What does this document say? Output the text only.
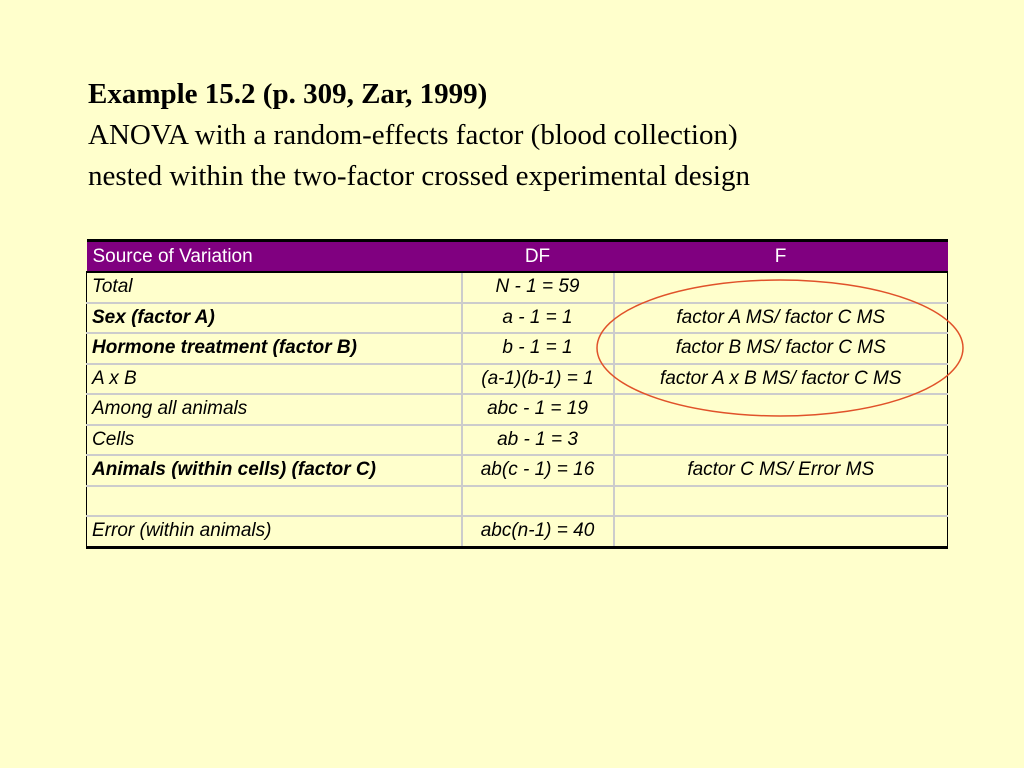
Example 15.2 (p. 309, Zar, 1999)
ANOVA with a random-effects factor (blood collection)
nested within the two-factor crossed experimental design
Source of Variation	DF	F
Total	N - 1 = 59	
Sex (factor A)	a - 1 = 1	factor A MS/ factor C MS
Hormone treatment (factor B)	b - 1 = 1	factor B MS/ factor C MS
A x B	(a-1)(b-1) = 1	factor A x B MS/ factor C MS
Among all animals	abc - 1 = 19	
Cells	ab - 1 = 3	
Animals (within cells) (factor C)	ab(c - 1) = 16	factor C MS/ Error MS

Error (within animals)	abc(n-1) = 40	
